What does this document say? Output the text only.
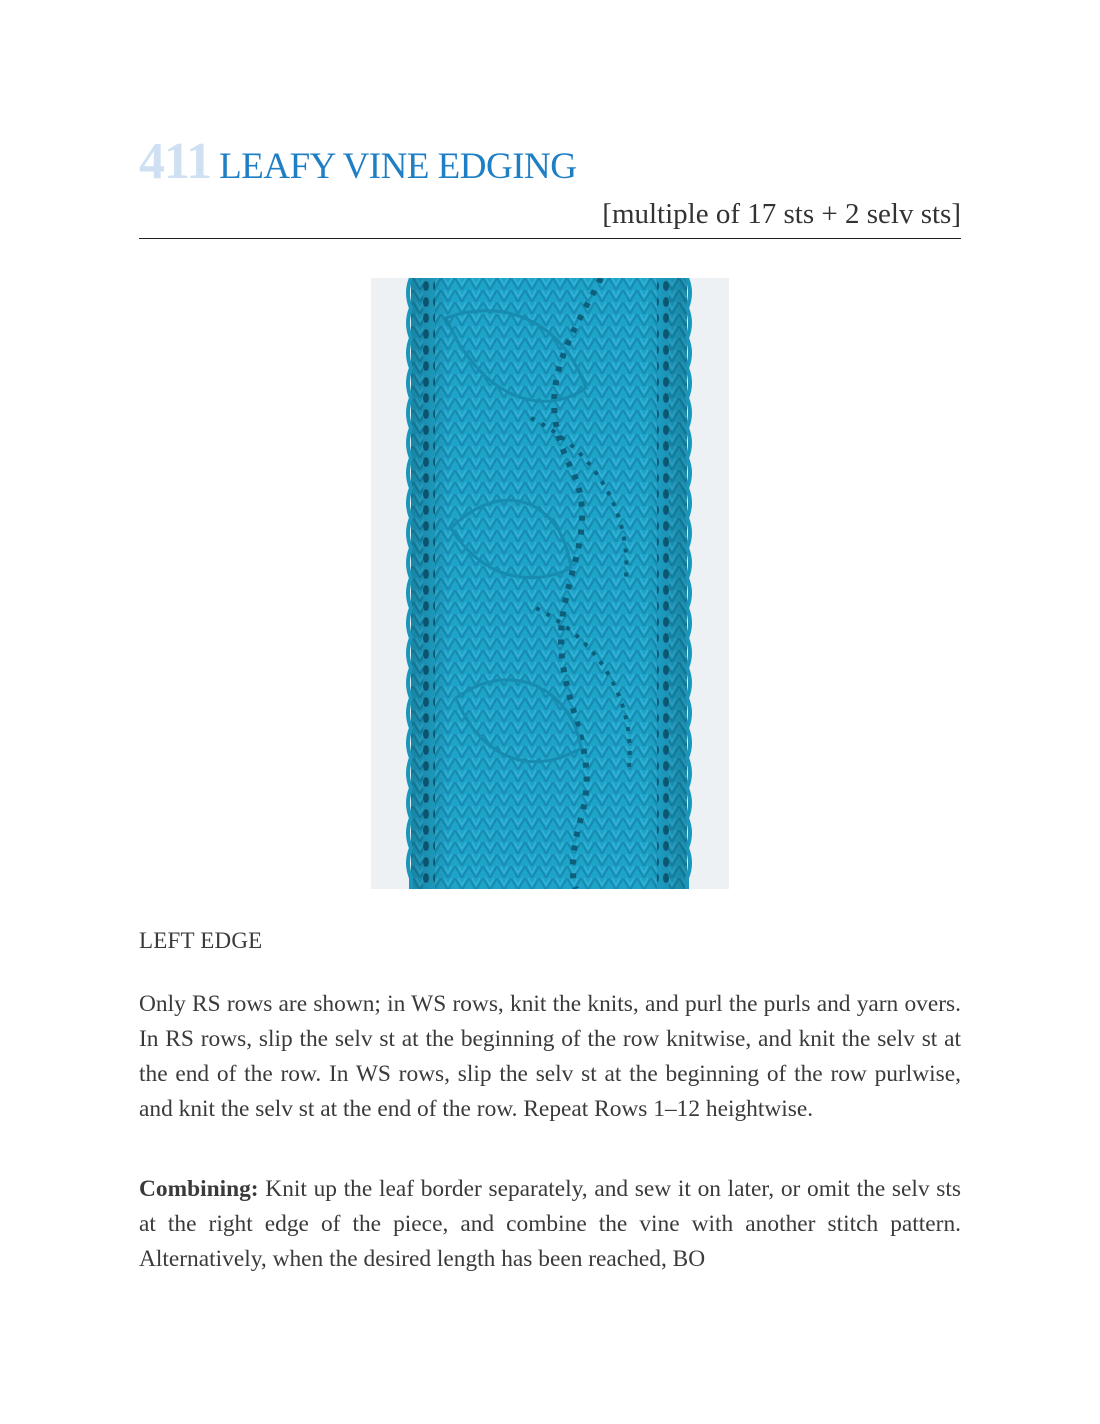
411 LEAFY VINE EDGING
[multiple of 17 sts + 2 selv sts]
LEFT EDGE

Only RS rows are shown; in WS rows, knit the knits, and purl the purls and yarn overs. In RS rows, slip the selv st at the beginning of the row knitwise, and knit the selv st at the end of the row. In WS rows, slip the selv st at the beginning of the row purlwise, and knit the selv st at the end of the row. Repeat Rows 1–12 heightwise.

Combining: Knit up the leaf border separately, and sew it on later, or omit the selv sts at the right edge of the piece, and combine the vine with another stitch pattern. Alternatively, when the desired length has been reached, BO
